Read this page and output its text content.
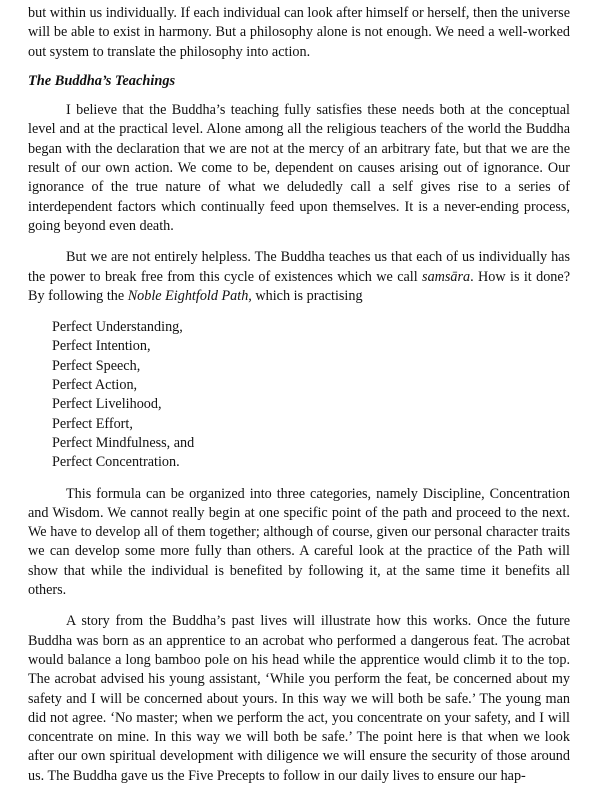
but within us individually. If each individual can look after himself or herself, then the universe will be able to exist in harmony. But a philosophy alone is not enough. We need a well-worked out system to translate the philosophy into action.

The Buddha’s Teachings

I believe that the Buddha’s teaching fully satisfies these needs both at the conceptual level and at the practical level. Alone among all the religious teachers of the world the Buddha began with the declaration that we are not at the mercy of an arbitrary fate, but that we are the result of our own action. We come to be, dependent on causes arising out of ignorance. Our ignorance of the true nature of what we deludedly call a self gives rise to a series of interdependent factors which continually feed upon themselves. It is a never-ending process, going beyond even death.

But we are not entirely helpless. The Buddha teaches us that each of us individually has the power to break free from this cycle of existences which we call samsāra. How is it done? By following the Noble Eightfold Path, which is practising

Perfect Understanding,
Perfect Intention,
Perfect Speech,
Perfect Action,
Perfect Livelihood,
Perfect Effort,
Perfect Mindfulness, and
Perfect Concentration.

This formula can be organized into three categories, namely Discipline, Concentration and Wisdom. We cannot really begin at one specific point of the path and proceed to the next. We have to develop all of them together; although of course, given our personal character traits we can develop some more fully than others. A careful look at the practice of the Path will show that while the individual is benefited by following it, at the same time it benefits all others.

A story from the Buddha’s past lives will illustrate how this works. Once the future Buddha was born as an apprentice to an acrobat who performed a dangerous feat. The acrobat would balance a long bamboo pole on his head while the apprentice would climb it to the top. The acrobat advised his young assistant, ‘While you perform the feat, be concerned about my safety and I will be concerned about yours. In this way we will both be safe.’ The young man did not agree. ‘No master; when we perform the act, you concentrate on your safety, and I will concentrate on mine. In this way we will both be safe.’ The point here is that when we look after our own spiritual development with diligence we will ensure the security of those around us. The Buddha gave us the Five Precepts to follow in our daily lives to ensure our hap-
